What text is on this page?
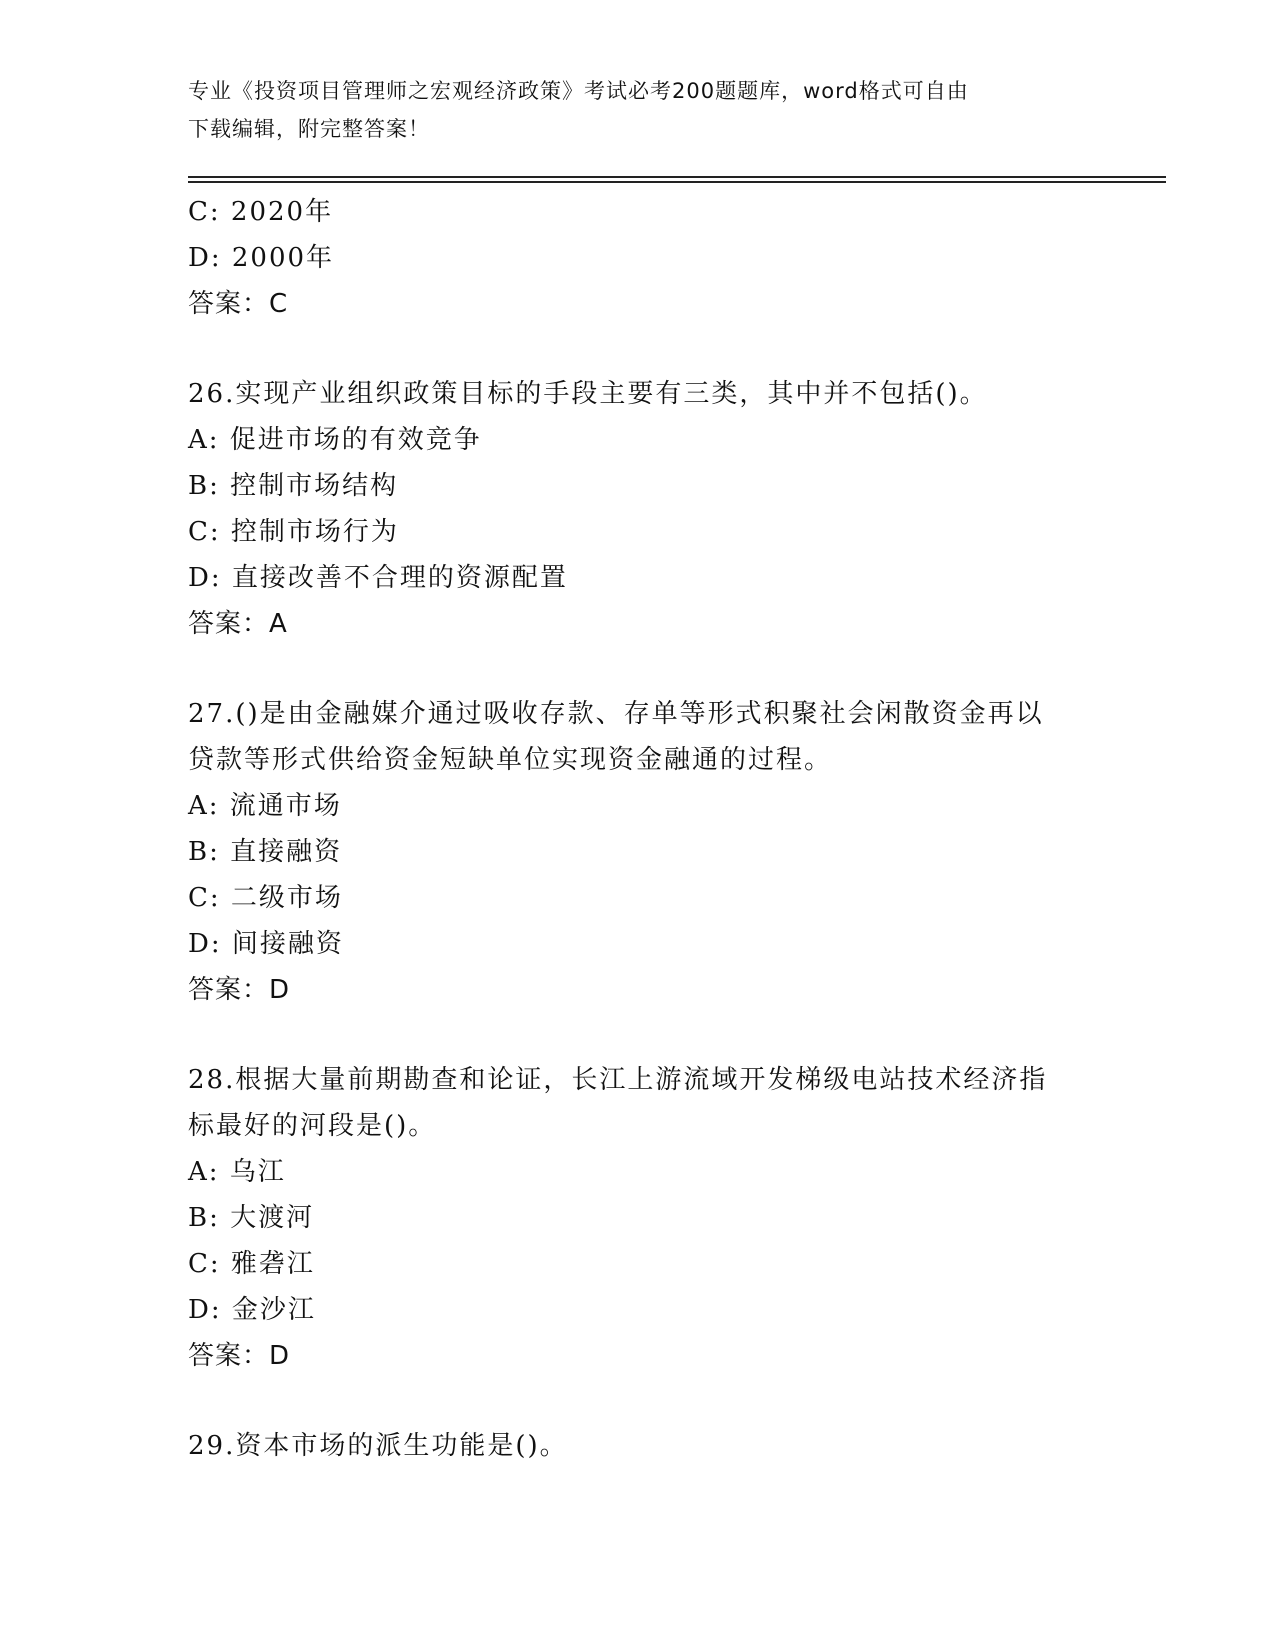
专业《投资项目管理师之宏观经济政策》考试必考200题题库，word格式可自由
下载编辑，附完整答案！
C: 2020年
D: 2000年
答案：C
26.实现产业组织政策目标的手段主要有三类，其中并不包括()。
A: 促进市场的有效竞争
B: 控制市场结构
C: 控制市场行为
D: 直接改善不合理的资源配置
答案：A
27.()是由金融媒介通过吸收存款、存单等形式积聚社会闲散资金再以
贷款等形式供给资金短缺单位实现资金融通的过程。
A: 流通市场
B: 直接融资
C: 二级市场
D: 间接融资
答案：D
28.根据大量前期勘查和论证，长江上游流域开发梯级电站技术经济指
标最好的河段是()。
A: 乌江
B: 大渡河
C: 雅砻江
D: 金沙江
答案：D
29.资本市场的派生功能是()。
